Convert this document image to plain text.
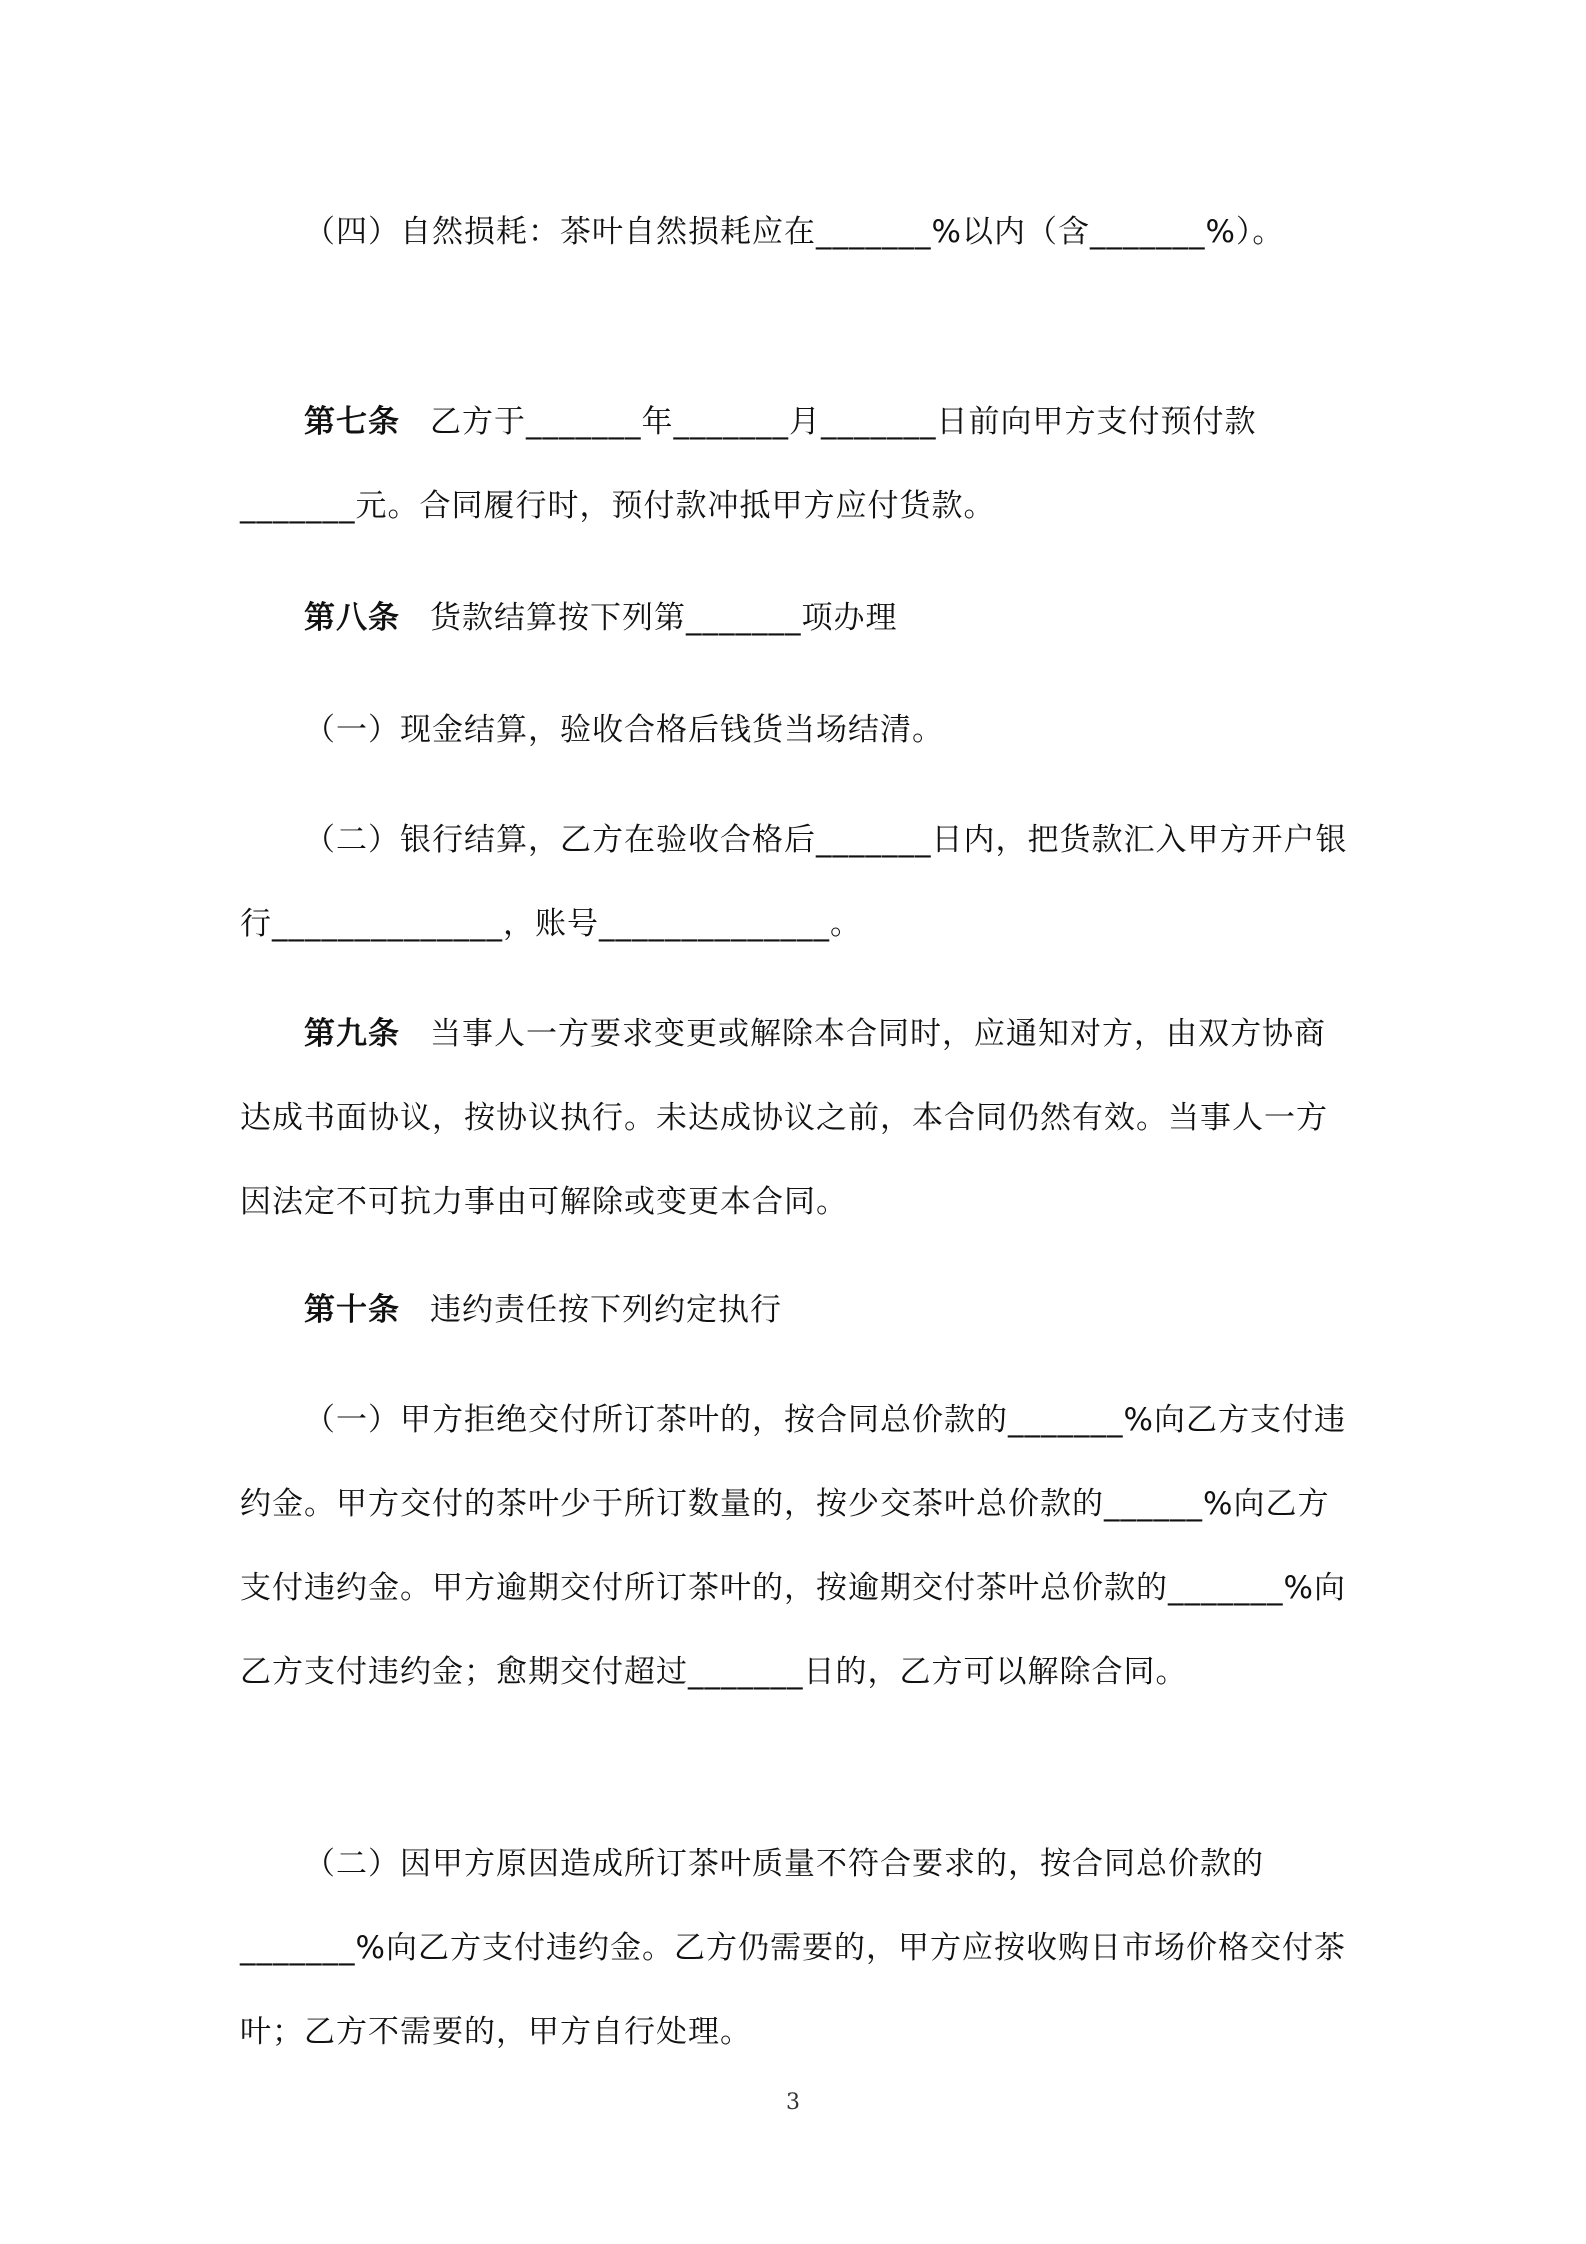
（四）自然损耗：茶叶自然损耗应在_______%以内（含_______%）。

第七条 乙方于_______年_______月_______日前向甲方支付预付款_______元。合同履行时，预付款冲抵甲方应付货款。

第八条 货款结算按下列第_______项办理

（一）现金结算，验收合格后钱货当场结清。

（二）银行结算，乙方在验收合格后_______日内，把货款汇入甲方开户银行______________，账号______________。

第九条 当事人一方要求变更或解除本合同时，应通知对方，由双方协商达成书面协议，按协议执行。未达成协议之前，本合同仍然有效。当事人一方因法定不可抗力事由可解除或变更本合同。

第十条 违约责任按下列约定执行

（一）甲方拒绝交付所订茶叶的，按合同总价款的_______%向乙方支付违约金。甲方交付的茶叶少于所订数量的，按少交茶叶总价款的______%向乙方支付违约金。甲方逾期交付所订茶叶的，按逾期交付茶叶总价款的_______%向乙方支付违约金；愈期交付超过_______日的，乙方可以解除合同。

（二）因甲方原因造成所订茶叶质量不符合要求的，按合同总价款的_______%向乙方支付违约金。乙方仍需要的，甲方应按收购日市场价格交付茶叶；乙方不需要的，甲方自行处理。

3
